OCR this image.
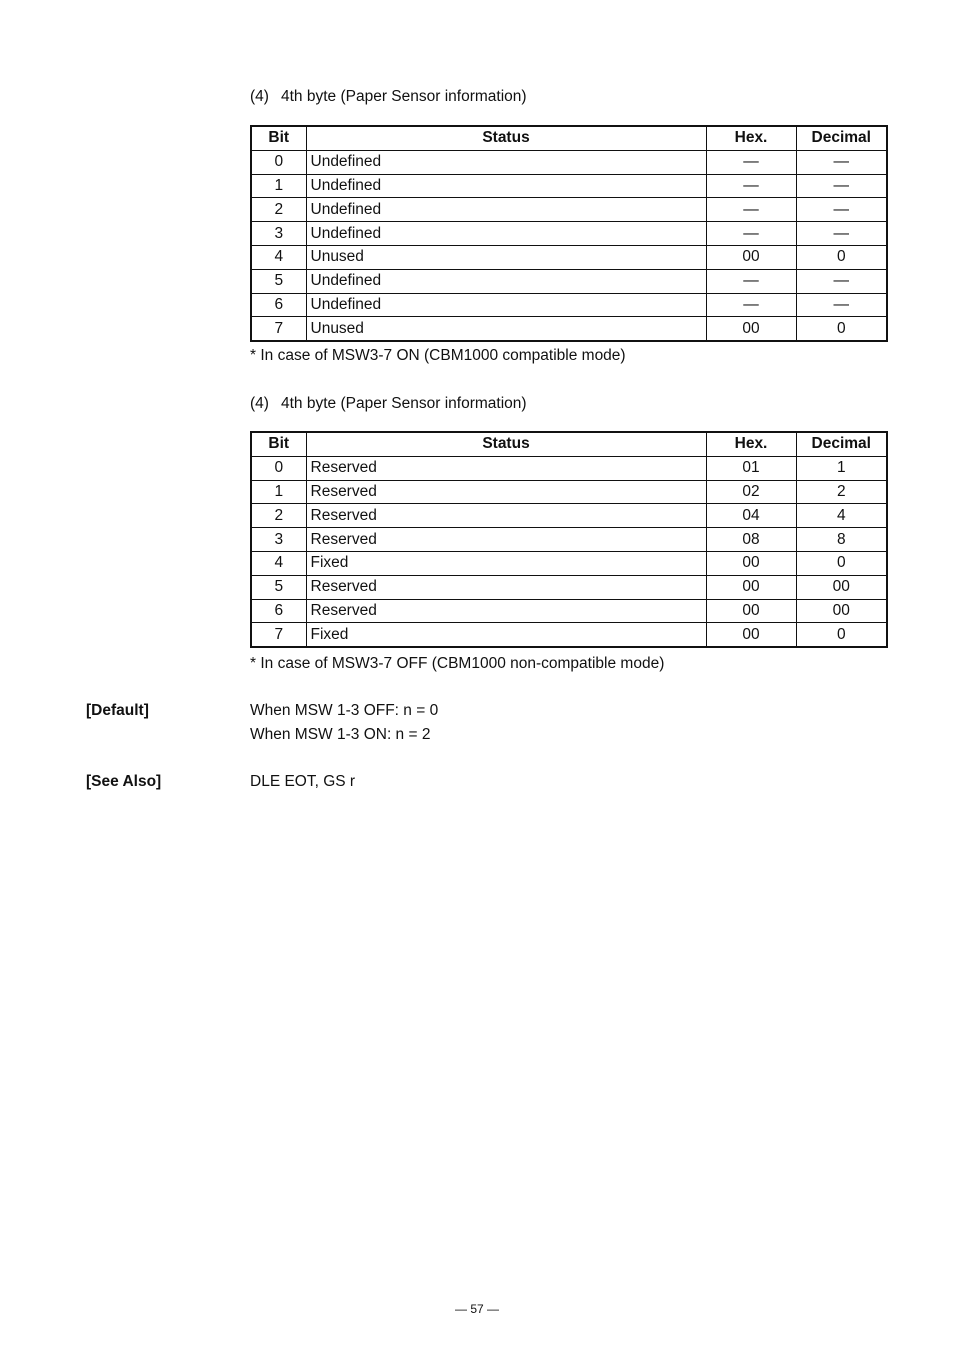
(4) 4th byte (Paper Sensor information)
Bit	Status	Hex.	Decimal
0	Undefined	—	—
1	Undefined	—	—
2	Undefined	—	—
3	Undefined	—	—
4	Unused	00	0
5	Undefined	—	—
6	Undefined	—	—
7	Unused	00	0
* In case of MSW3-7 ON (CBM1000 compatible mode)
(4) 4th byte (Paper Sensor information)
Bit	Status	Hex.	Decimal
0	Reserved	01	1
1	Reserved	02	2
2	Reserved	04	4
3	Reserved	08	8
4	Fixed	00	0
5	Reserved	00	00
6	Reserved	00	00
7	Fixed	00	0
* In case of MSW3-7 OFF (CBM1000 non-compatible mode)
[Default]	When MSW 1-3 OFF: n = 0
When MSW 1-3 ON: n = 2
[See Also]	DLE EOT, GS r
— 57 —
